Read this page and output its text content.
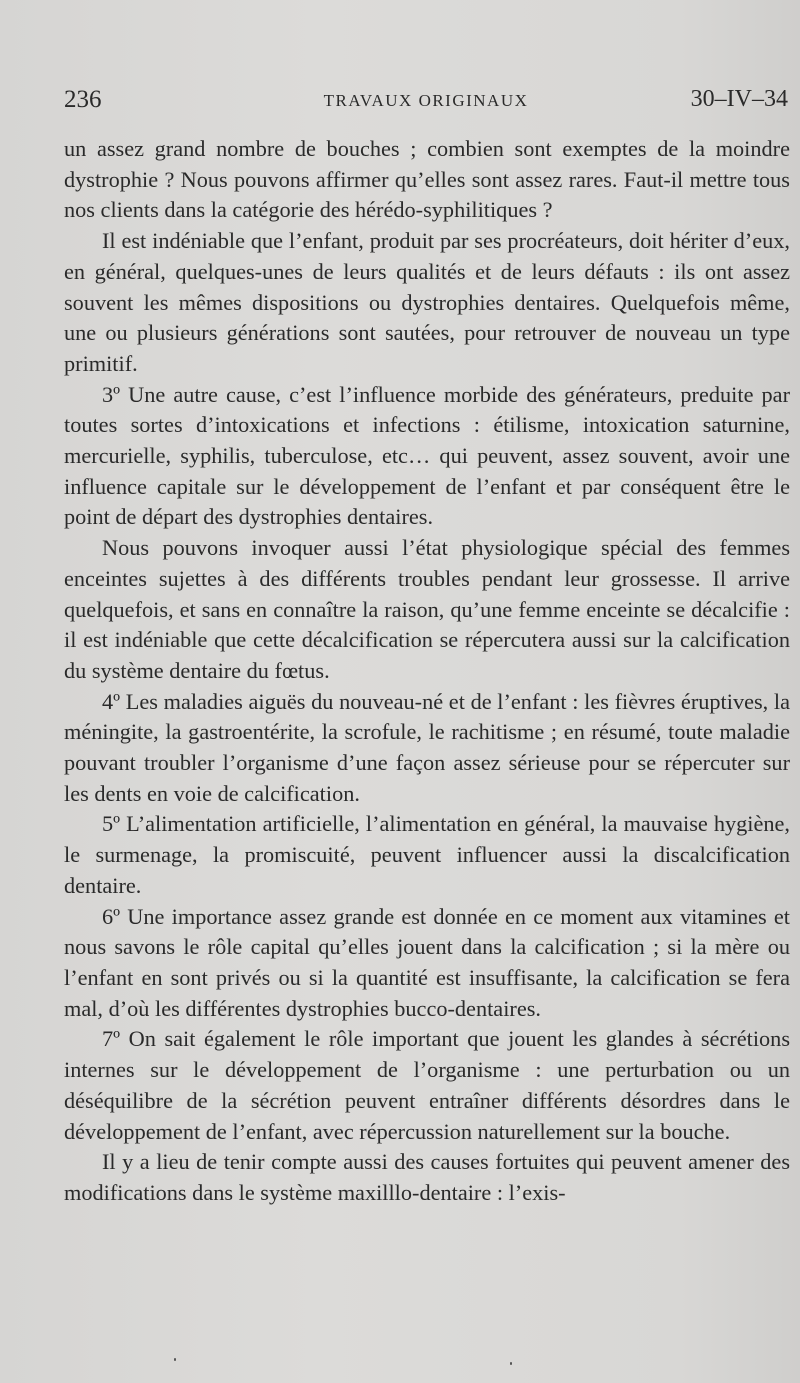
236	TRAVAUX ORIGINAUX	30–IV–34

un assez grand nombre de bouches ; combien sont exemptes de la moindre dystrophie ? Nous pouvons affirmer qu’elles sont assez rares. Faut-il mettre tous nos clients dans la catégorie des hérédo-syphilitiques ?

Il est indéniable que l’enfant, produit par ses procréateurs, doit hériter d’eux, en général, quelques-unes de leurs qualités et de leurs défauts : ils ont assez souvent les mêmes dispositions ou dystrophies dentaires. Quelquefois même, une ou plusieurs générations sont sautées, pour retrouver de nouveau un type primitif.

3º Une autre cause, c’est l’influence morbide des générateurs, preduite par toutes sortes d’intoxications et infections : étilisme, intoxication saturnine, mercurielle, syphilis, tuberculose, etc… qui peuvent, assez souvent, avoir une influence capitale sur le développement de l’enfant et par conséquent être le point de départ des dystrophies dentaires.

Nous pouvons invoquer aussi l’état physiologique spécial des femmes enceintes sujettes à des différents troubles pendant leur grossesse. Il arrive quelquefois, et sans en connaître la raison, qu’une femme enceinte se décalcifie : il est indéniable que cette décalcification se répercutera aussi sur la calcification du système dentaire du fœtus.

4º Les maladies aiguës du nouveau-né et de l’enfant : les fièvres éruptives, la méningite, la gastroentérite, la scrofule, le rachitisme ; en résumé, toute maladie pouvant troubler l’organisme d’une façon assez sérieuse pour se répercuter sur les dents en voie de calcification.

5º L’alimentation artificielle, l’alimentation en général, la mauvaise hygiène, le surmenage, la promiscuité, peuvent influencer aussi la discalcification dentaire.

6º Une importance assez grande est donnée en ce moment aux vitamines et nous savons le rôle capital qu’elles jouent dans la calcification ; si la mère ou l’enfant en sont privés ou si la quantité est insuffisante, la calcification se fera mal, d’où les différentes dystrophies bucco-dentaires.

7º On sait également le rôle important que jouent les glandes à sécrétions internes sur le développement de l’organisme : une perturbation ou un déséquilibre de la sécrétion peuvent entraîner différents désordres dans le développement de l’enfant, avec répercussion naturellement sur la bouche.

Il y a lieu de tenir compte aussi des causes fortuites qui peuvent amener des modifications dans le système maxilllo-dentaire : l’exis-
